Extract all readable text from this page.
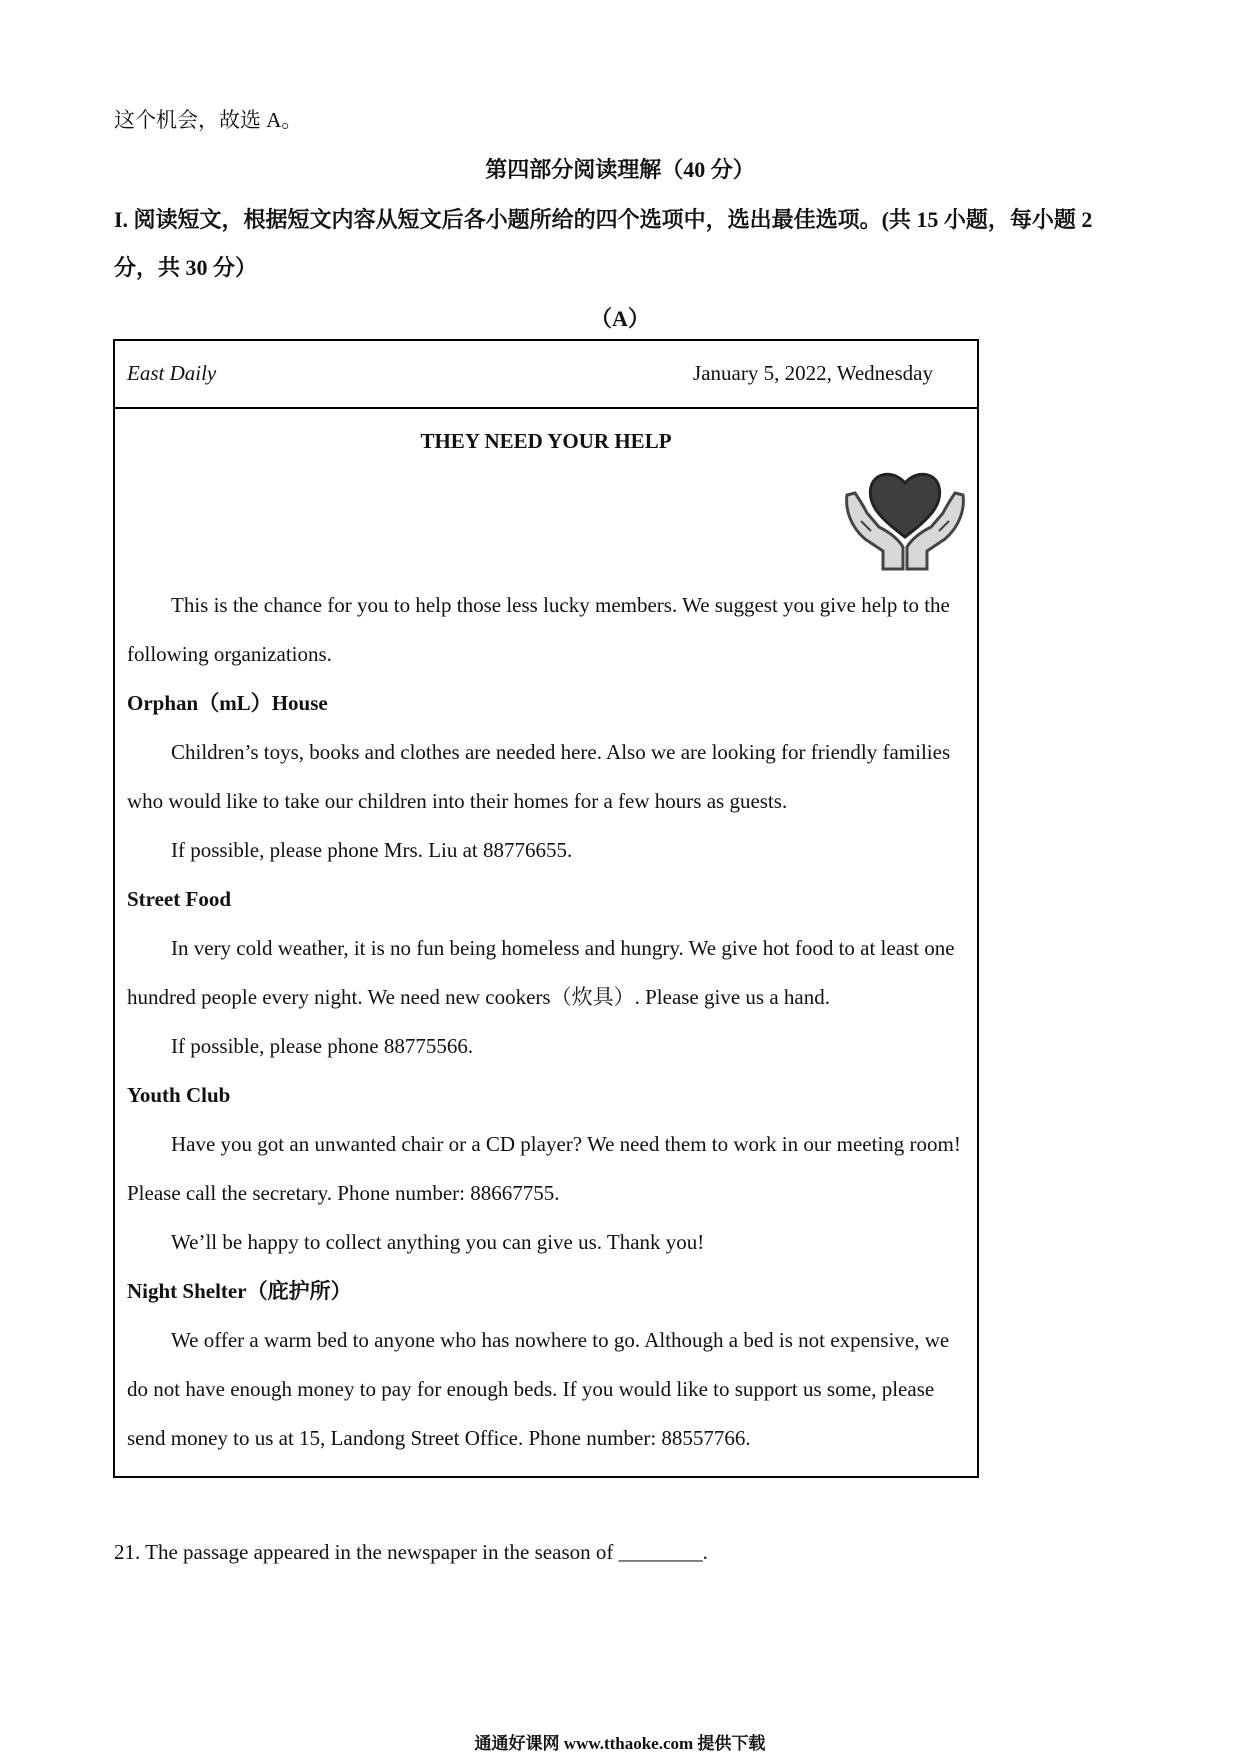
这个机会，故选 A。
第四部分阅读理解（40 分）
I. 阅读短文，根据短文内容从短文后各小题所给的四个选项中，选出最佳选项。(共 15 小题，每小题 2 分，共 30 分）
（A）
East Daily	January 5, 2022, Wednesday
THEY NEED YOUR HELP

This is the chance for you to help those less lucky members. We suggest you give help to the following organizations.

Orphan（mL）House

Children’s toys, books and clothes are needed here. Also we are looking for friendly families who would like to take our children into their homes for a few hours as guests.

If possible, please phone Mrs. Liu at 88776655.

Street Food

In very cold weather, it is no fun being homeless and hungry. We give hot food to at least one hundred people every night. We need new cookers（炊具）. Please give us a hand.

If possible, please phone 88775566.

Youth Club

Have you got an unwanted chair or a CD player? We need them to work in our meeting room! Please call the secretary. Phone number: 88667755.

We’ll be happy to collect anything you can give us. Thank you!

Night Shelter（庇护所）

We offer a warm bed to anyone who has nowhere to go. Although a bed is not expensive, we do not have enough money to pay for enough beds. If you would like to support us some, please send money to us at 15, Landong Street Office. Phone number: 88557766.

21. The passage appeared in the newspaper in the season of ________.
通通好课网 www.tthaoke.com 提供下载
